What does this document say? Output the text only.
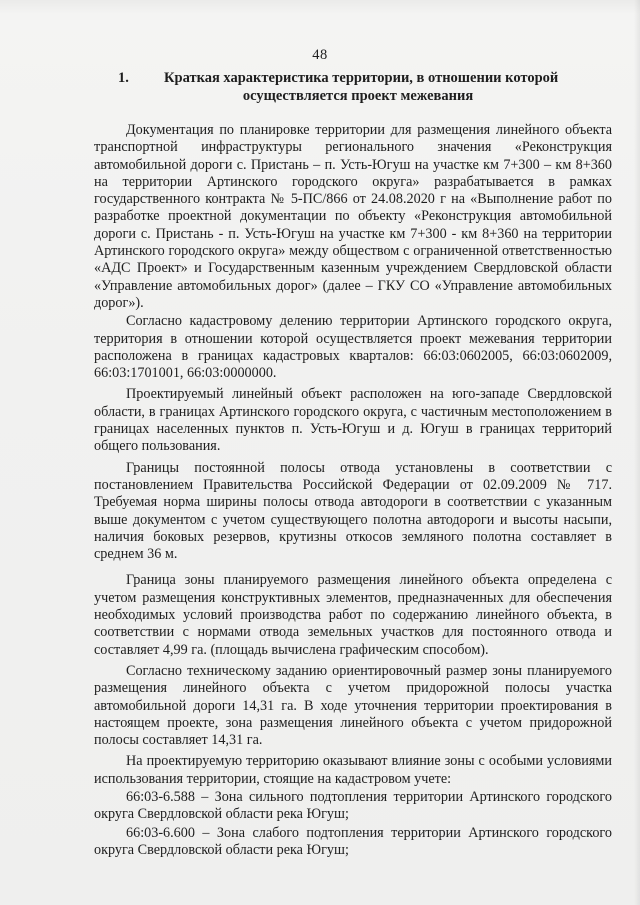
48
1. Краткая характеристика территории, в отношении которой
осуществляется проект межевания

Документация по планировке территории для размещения линейного объекта транспортной инфраструктуры регионального значения «Реконструкция автомобильной дороги с. Пристань – п. Усть-Югуш на участке км 7+300 – км 8+360 на территории Артинского городского округа» разрабатывается в рамках государственного контракта № 5-ПС/866 от 24.08.2020 г на «Выполнение работ по разработке проектной документации по объекту «Реконструкция автомобильной дороги с. Пристань - п. Усть-Югуш на участке км 7+300 - км 8+360 на территории Артинского городского округа» между обществом с ограниченной ответственностью «АДС Проект» и Государственным казенным учреждением Свердловской области «Управление автомобильных дорог» (далее – ГКУ СО «Управление автомобильных дорог»).

Согласно кадастровому делению территории Артинского городского округа, территория в отношении которой осуществляется проект межевания территории расположена в границах кадастровых кварталов: 66:03:0602005, 66:03:0602009, 66:03:1701001, 66:03:0000000.

Проектируемый линейный объект расположен на юго-западе Свердловской области, в границах Артинского городского округа, с частичным местоположением в границах населенных пунктов п. Усть-Югуш и д. Югуш в границах территорий общего пользования.

Границы постоянной полосы отвода установлены в соответствии с постановлением Правительства Российской Федерации от 02.09.2009 № 717. Требуемая норма ширины полосы отвода автодороги в соответствии с указанным выше документом с учетом существующего полотна автодороги и высоты насыпи, наличия боковых резервов, крутизны откосов земляного полотна составляет в среднем 36 м.

Граница зоны планируемого размещения линейного объекта определена с учетом размещения конструктивных элементов, предназначенных для обеспечения необходимых условий производства работ по содержанию линейного объекта, в соответствии с нормами отвода земельных участков для постоянного отвода и составляет 4,99 га. (площадь вычислена графическим способом).

Согласно техническому заданию ориентировочный размер зоны планируемого размещения линейного объекта с учетом придорожной полосы участка автомобильной дороги 14,31 га. В ходе уточнения территории проектирования в настоящем проекте, зона размещения линейного объекта с учетом придорожной полосы составляет 14,31 га.

На проектируемую территорию оказывают влияние зоны с особыми условиями использования территории, стоящие на кадастровом учете:

66:03-6.588 – Зона сильного подтопления территории Артинского городского округа Свердловской области река Югуш;

66:03-6.600 – Зона слабого подтопления территории Артинского городского округа Свердловской области река Югуш;
